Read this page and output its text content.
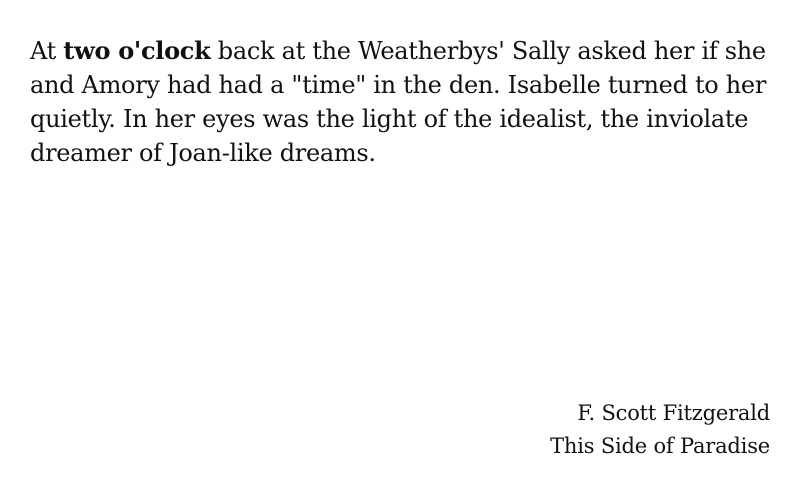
At two o'clock back at the Weatherbys' Sally asked her if she and Amory had had a "time" in the den. Isabelle turned to her quietly. In her eyes was the light of the idealist, the inviolate dreamer of Joan-like dreams.

F. Scott Fitzgerald
This Side of Paradise
